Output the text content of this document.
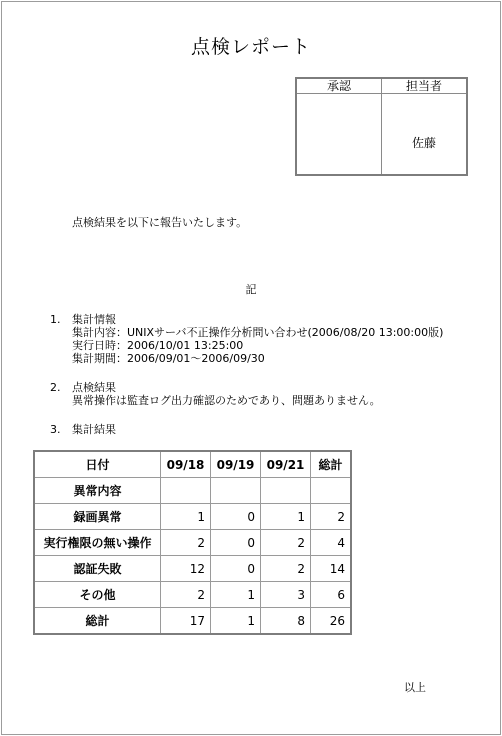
点検レポート
承認	担当者
	佐藤
点検結果を以下に報告いたします。
記
1. 集計情報
集計内容：UNIXサーバ不正操作分析問い合わせ(2006/08/20 13:00:00版)
実行日時：2006/10/01 13:25:00
集計期間：2006/09/01～2006/09/30
2. 点検結果
異常操作は監査ログ出力確認のためであり、問題ありません。
3. 集計結果
日付	09/18	09/19	09/21	総計
異常内容				
録画異常	1	0	1	2
実行権限の無い操作	2	0	2	4
認証失敗	12	0	2	14
その他	2	1	3	6
総計	17	1	8	26
以上
